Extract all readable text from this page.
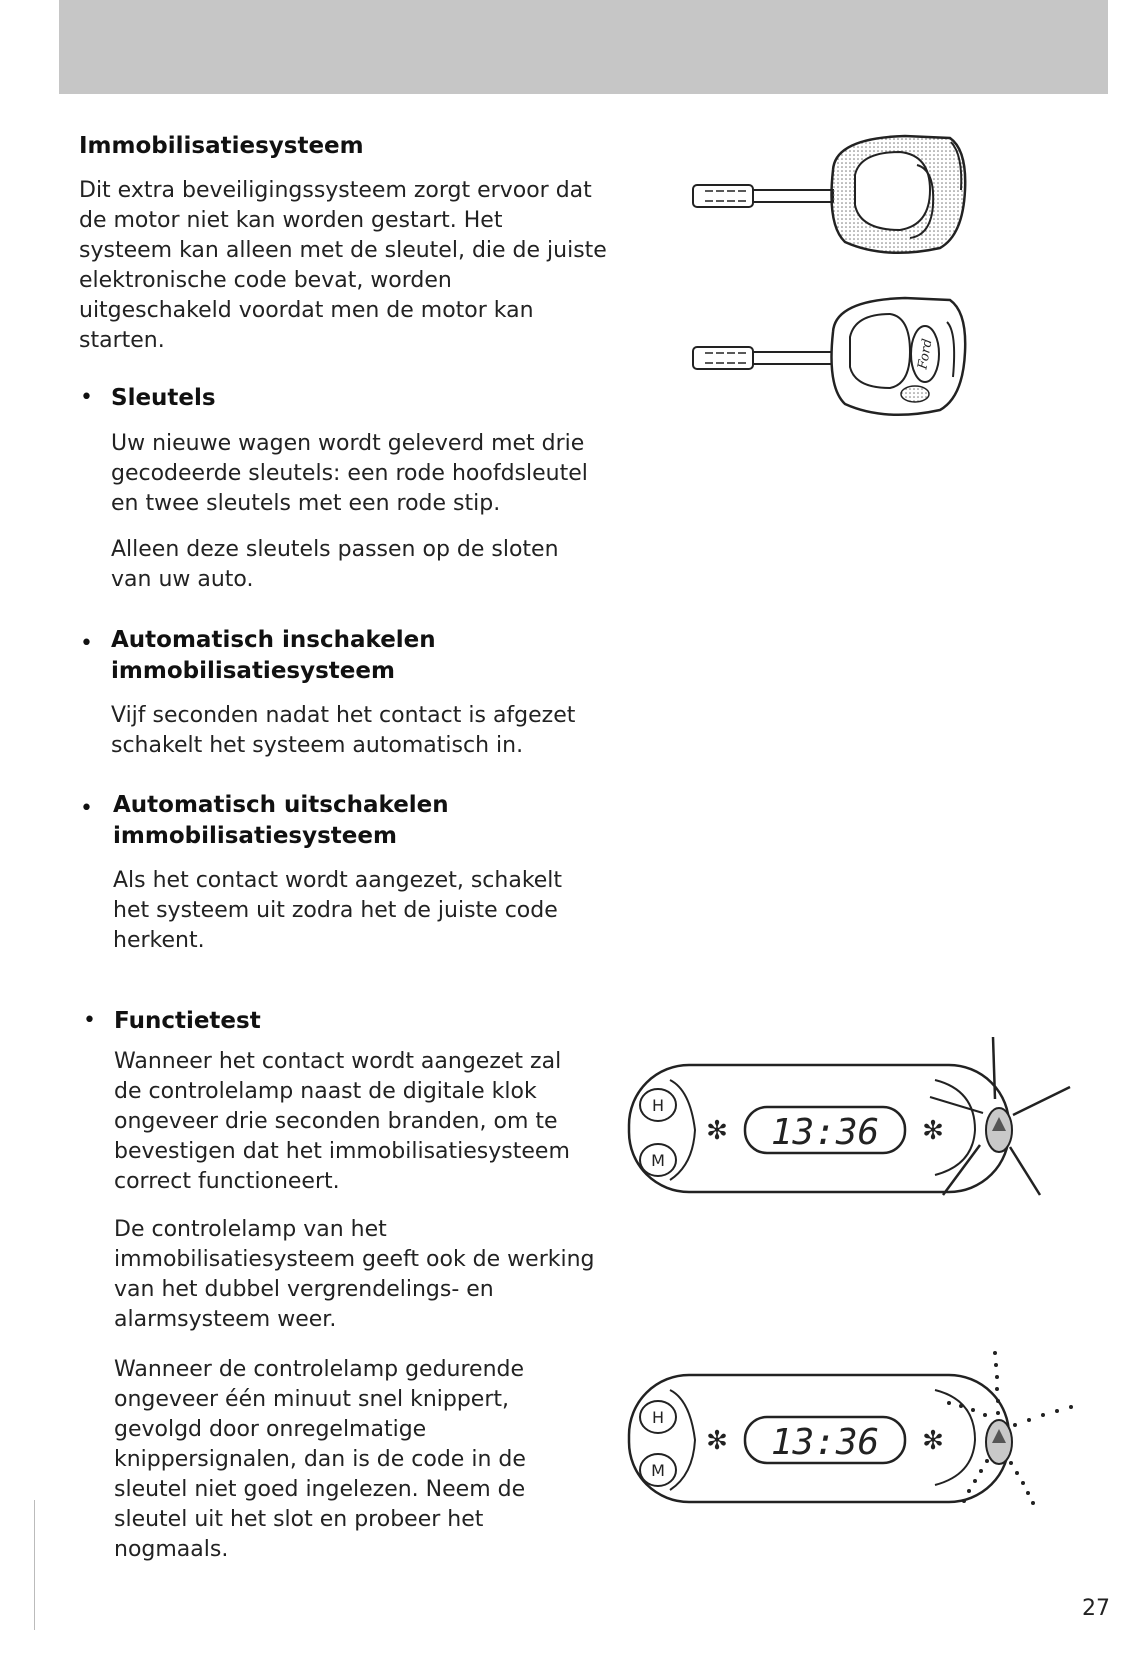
Immobilisatiesysteem
Dit extra beveiligingssysteem zorgt ervoor dat
de motor niet kan worden gestart. Het
systeem kan alleen met de sleutel, die de juiste
elektronische code bevat, worden
uitgeschakeld voordat men de motor kan
starten.
• Sleutels
Uw nieuwe wagen wordt geleverd met drie
gecodeerde sleutels: een rode hoofdsleutel
en twee sleutels met een rode stip.
Alleen deze sleutels passen op de sloten
van uw auto.
• Automatisch inschakelen
immobilisatiesysteem
Vijf seconden nadat het contact is afgezet
schakelt het systeem automatisch in.
• Automatisch uitschakelen
immobilisatiesysteem
Als het contact wordt aangezet, schakelt
het systeem uit zodra het de juiste code
herkent.
• Functietest
Wanneer het contact wordt aangezet zal
de controlelamp naast de digitale klok
ongeveer drie seconden branden, om te
bevestigen dat het immobilisatiesysteem
correct functioneert.
De controlelamp van het
immobilisatiesysteem geeft ook de werking
van het dubbel vergrendelings- en
alarmsysteem weer.
Wanneer de controlelamp gedurende
ongeveer één minuut snel knippert,
gevolgd door onregelmatige
knippersignalen, dan is de code in de
sleutel niet goed ingelezen. Neem de
sleutel uit het slot en probeer het
nogmaals.
27
Ford
H
M
✻ 13:36 ✻
H
M
✻ 13:36 ✻
